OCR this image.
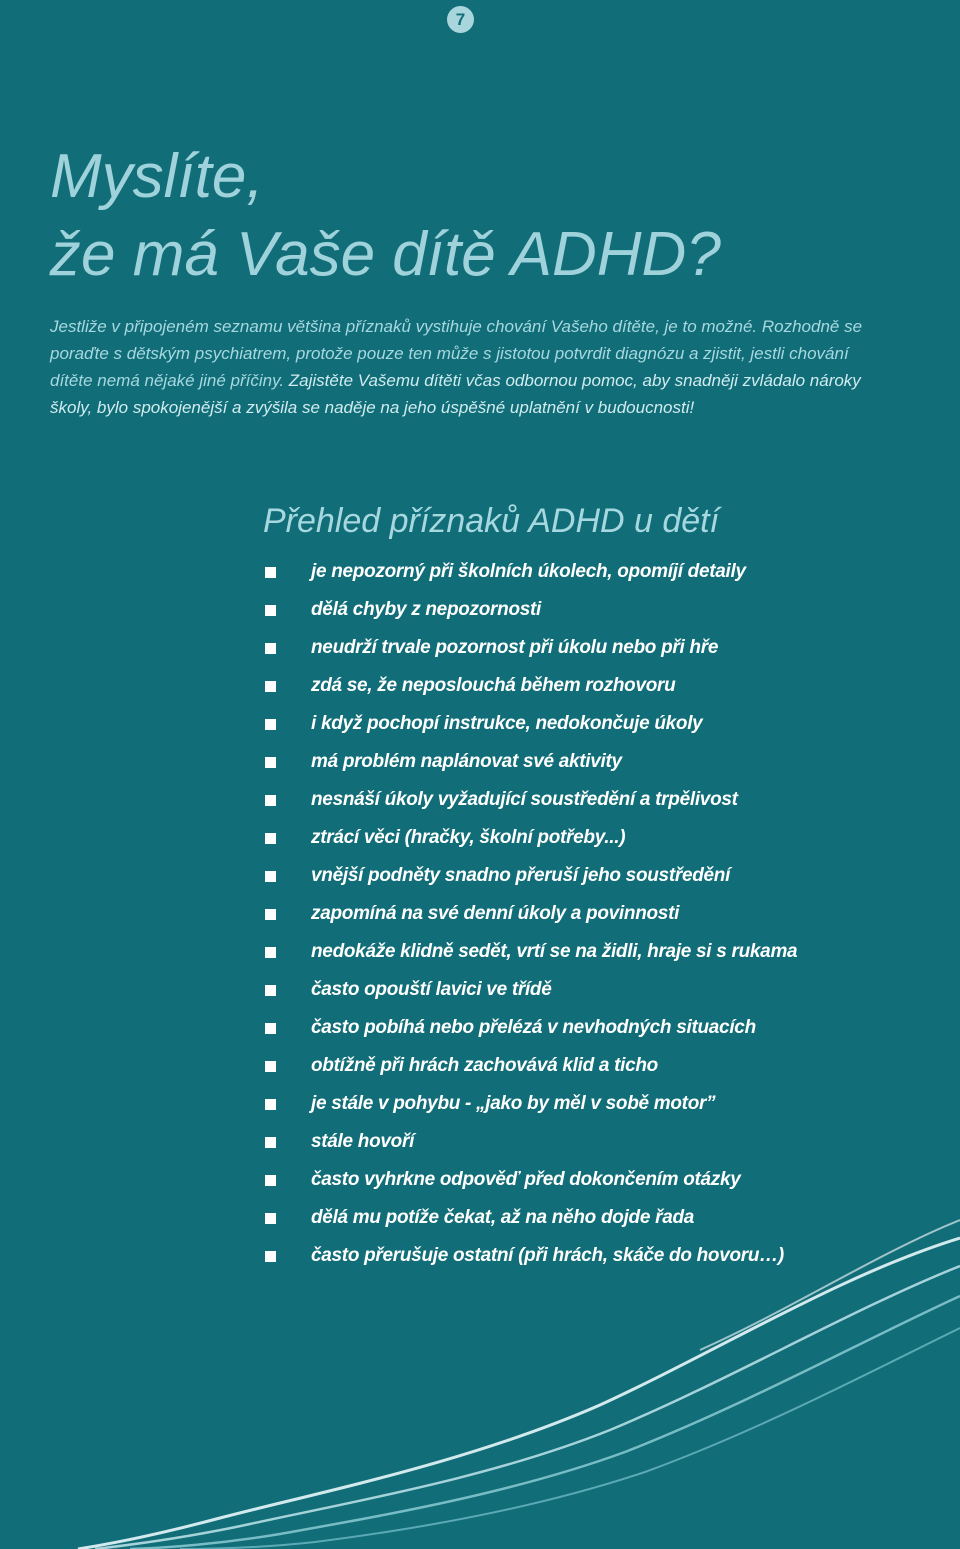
7
Myslíte,
že má Vaše dítě ADHD?

Jestliže v připojeném seznamu většina příznaků vystihuje chování Vašeho dítěte, je to možné. Rozhodně se poraďte s dětským psychiatrem, protože pouze ten může s jistotou potvrdit diagnózu a zjistit, jestli chování dítěte nemá nějaké jiné příčiny. Zajistěte Vašemu dítěti včas odbornou pomoc, aby snadněji zvládalo nároky školy, bylo spokojenější a zvýšila se naděje na jeho úspěšné uplatnění v budoucnosti!

Přehled příznaků ADHD u dětí
je nepozorný při školních úkolech, opomíjí detaily
dělá chyby z nepozornosti
neudrží trvale pozornost při úkolu nebo při hře
zdá se, že neposlouchá během rozhovoru
i když pochopí instrukce, nedokončuje úkoly
má problém naplánovat své aktivity
nesnáší úkoly vyžadující soustředění a trpělivost
ztrácí věci (hračky, školní potřeby...)
vnější podněty snadno přeruší jeho soustředění
zapomíná na své denní úkoly a povinnosti
nedokáže klidně sedět, vrtí se na židli, hraje si s rukama
často opouští lavici ve třídě
často pobíhá nebo přelézá v nevhodných situacích
obtížně při hrách zachovává klid a ticho
je stále v pohybu - „jako by měl v sobě motor”
stále hovoří
často vyhrkne odpověď před dokončením otázky
dělá mu potíže čekat, až na něho dojde řada
často přerušuje ostatní (při hrách, skáče do hovoru…)
